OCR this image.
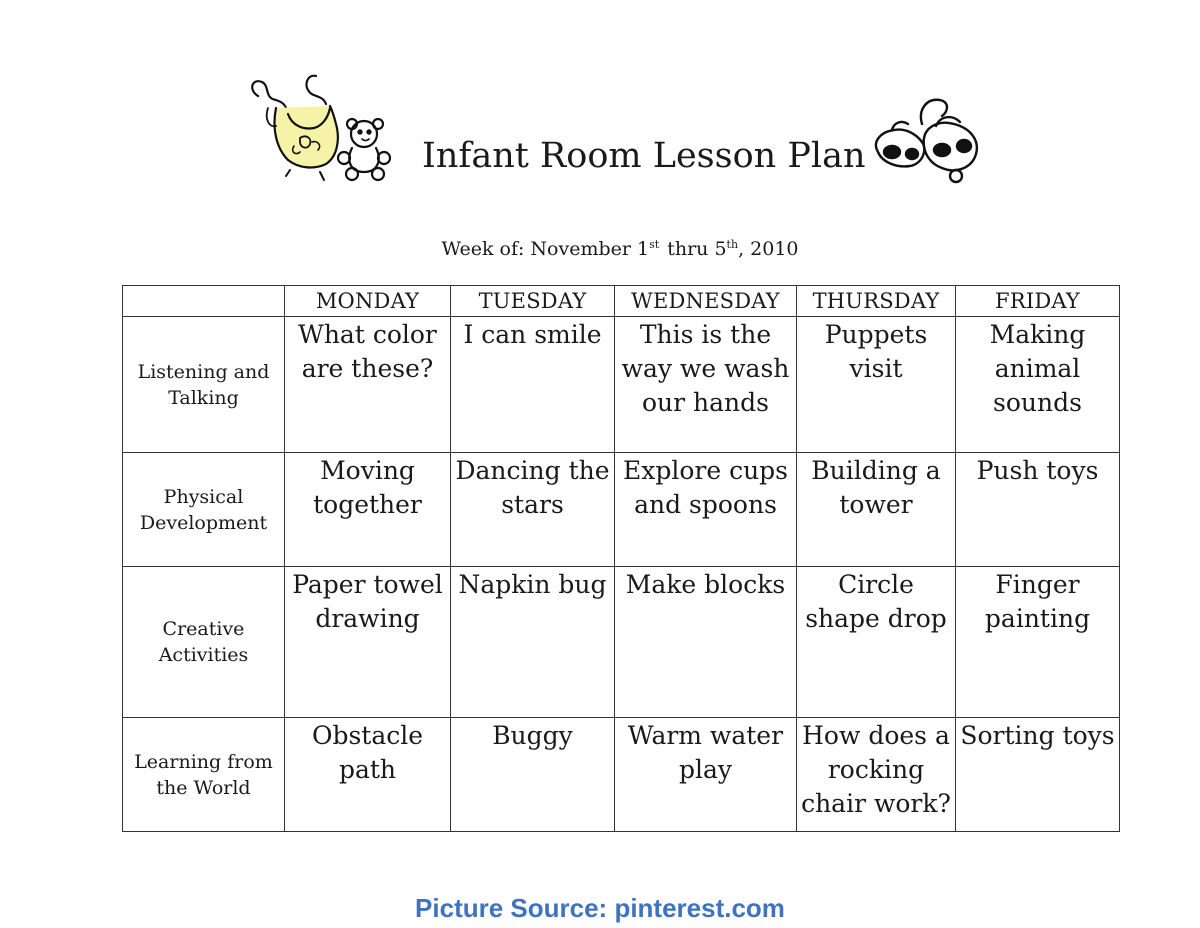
Infant Room Lesson Plan
Week of: November 1st thru 5th, 2010
	MONDAY	TUESDAY	WEDNESDAY	THURSDAY	FRIDAY
Listening and Talking	What color are these?	I can smile	This is the way we wash our hands	Puppets visit	Making animal sounds

Physical Development	Moving together	Dancing the stars	Explore cups and spoons	Building a tower	Push toys

Creative Activities	Paper towel drawing	Napkin bug	Make blocks	Circle shape drop	Finger painting

Learning from the World	Obstacle path	Buggy	Warm water play	How does a rocking chair work?	Sorting toys
Picture Source: pinterest.com
